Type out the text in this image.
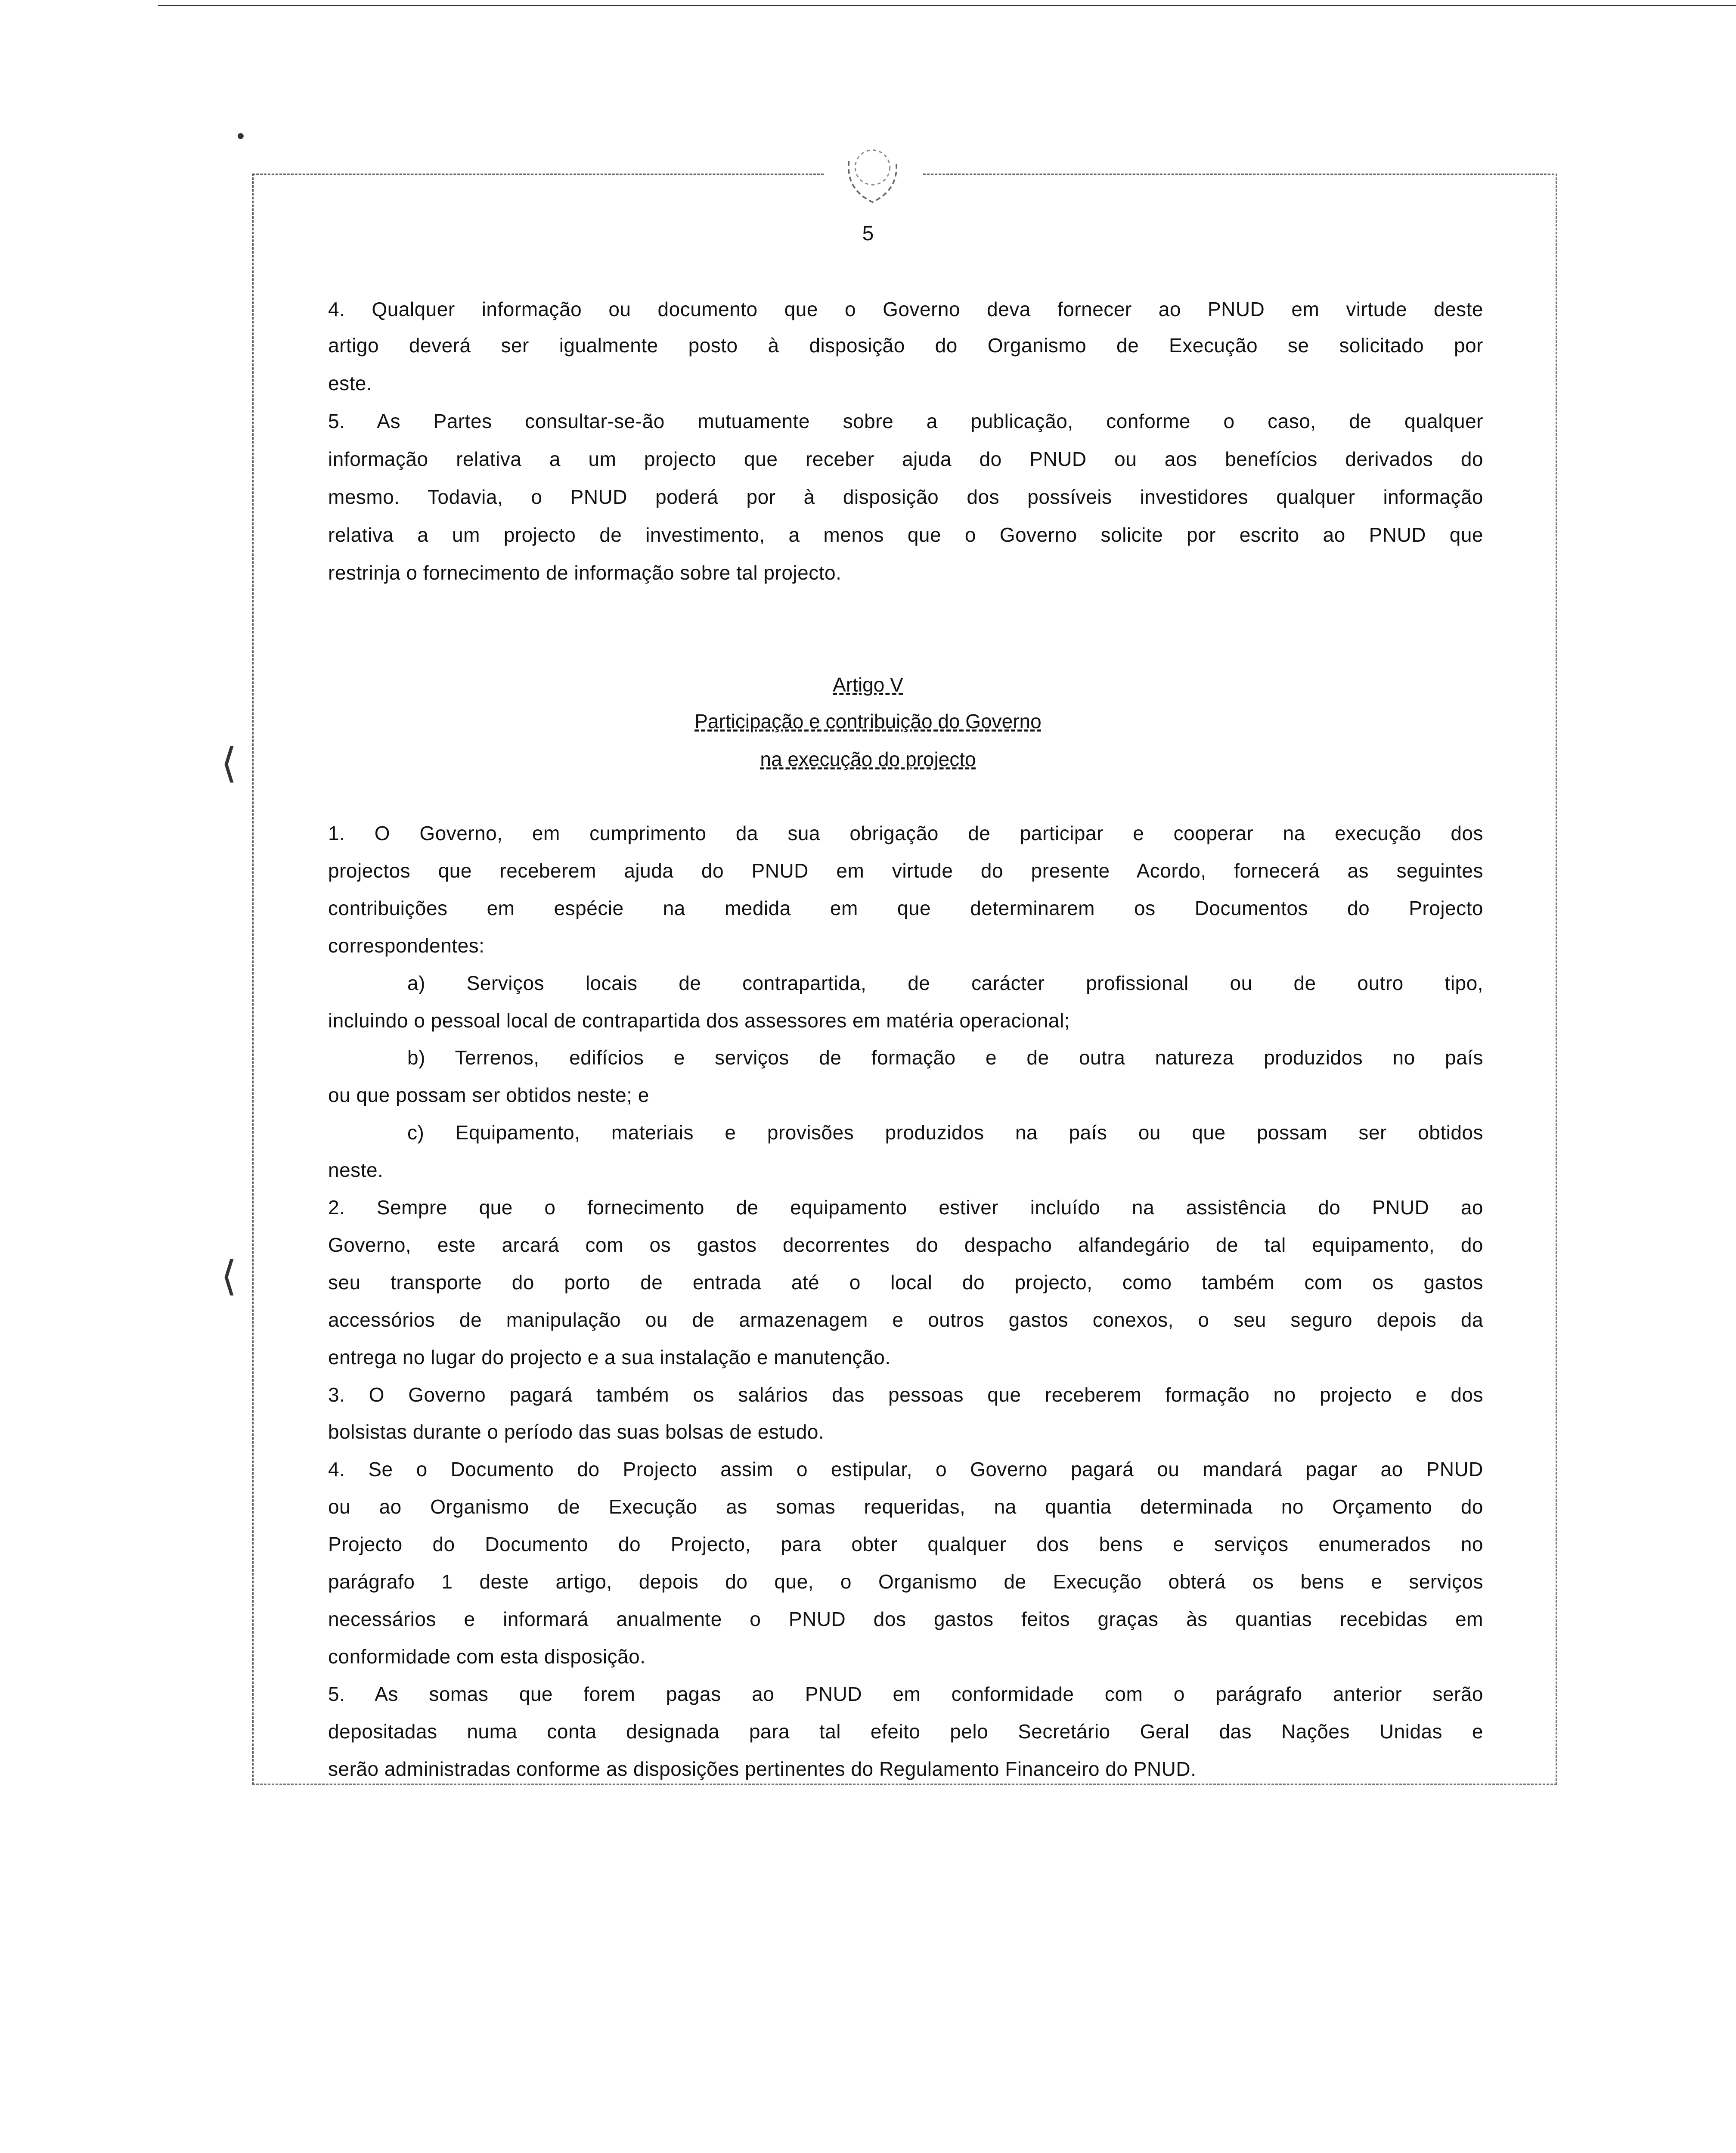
5
•
⟨
⟨
Artigo V
Participação e contribuição do Governo
na execução do projecto
4. Qualquer informação ou documento que o Governo deva fornecer ao PNUD em virtude deste
artigo deverá ser igualmente posto à disposição do Organismo de Execução se solicitado por
este.
5. As Partes consultar-se-ão mutuamente sobre a publicação, conforme o caso, de qualquer
informação relativa a um projecto que receber ajuda do PNUD ou aos benefícios derivados do
mesmo. Todavia, o PNUD poderá por à disposição dos possíveis investidores qualquer informação
relativa a um projecto de investimento, a menos que o Governo solicite por escrito ao PNUD que
restrinja o fornecimento de informação sobre tal projecto.
1. O Governo, em cumprimento da sua obrigação de participar e cooperar na execução dos
projectos que receberem ajuda do PNUD em virtude do presente Acordo, fornecerá as seguintes
contribuições em espécie na medida em que determinarem os Documentos do Projecto
correspondentes:
a) Serviços locais de contrapartida, de carácter profissional ou de outro tipo,
incluindo o pessoal local de contrapartida dos assessores em matéria operacional;
b) Terrenos, edifícios e serviços de formação e de outra natureza produzidos no país
ou que possam ser obtidos neste; e
c) Equipamento, materiais e provisões produzidos na país ou que possam ser obtidos
neste.
2. Sempre que o fornecimento de equipamento estiver incluído na assistência do PNUD ao
Governo, este arcará com os gastos decorrentes do despacho alfandegário de tal equipamento, do
seu transporte do porto de entrada até o local do projecto, como também com os gastos
accessórios de manipulação ou de armazenagem e outros gastos conexos, o seu seguro depois da
entrega no lugar do projecto e a sua instalação e manutenção.
3. O Governo pagará também os salários das pessoas que receberem formação no projecto e dos
bolsistas durante o período das suas bolsas de estudo.
4. Se o Documento do Projecto assim o estipular, o Governo pagará ou mandará pagar ao PNUD
ou ao Organismo de Execução as somas requeridas, na quantia determinada no Orçamento do
Projecto do Documento do Projecto, para obter qualquer dos bens e serviços enumerados no
parágrafo 1 deste artigo, depois do que, o Organismo de Execução obterá os bens e serviços
necessários e informará anualmente o PNUD dos gastos feitos graças às quantias recebidas em
conformidade com esta disposição.
5. As somas que forem pagas ao PNUD em conformidade com o parágrafo anterior serão
depositadas numa conta designada para tal efeito pelo Secretário Geral das Nações Unidas e
serão administradas conforme as disposições pertinentes do Regulamento Financeiro do PNUD.
